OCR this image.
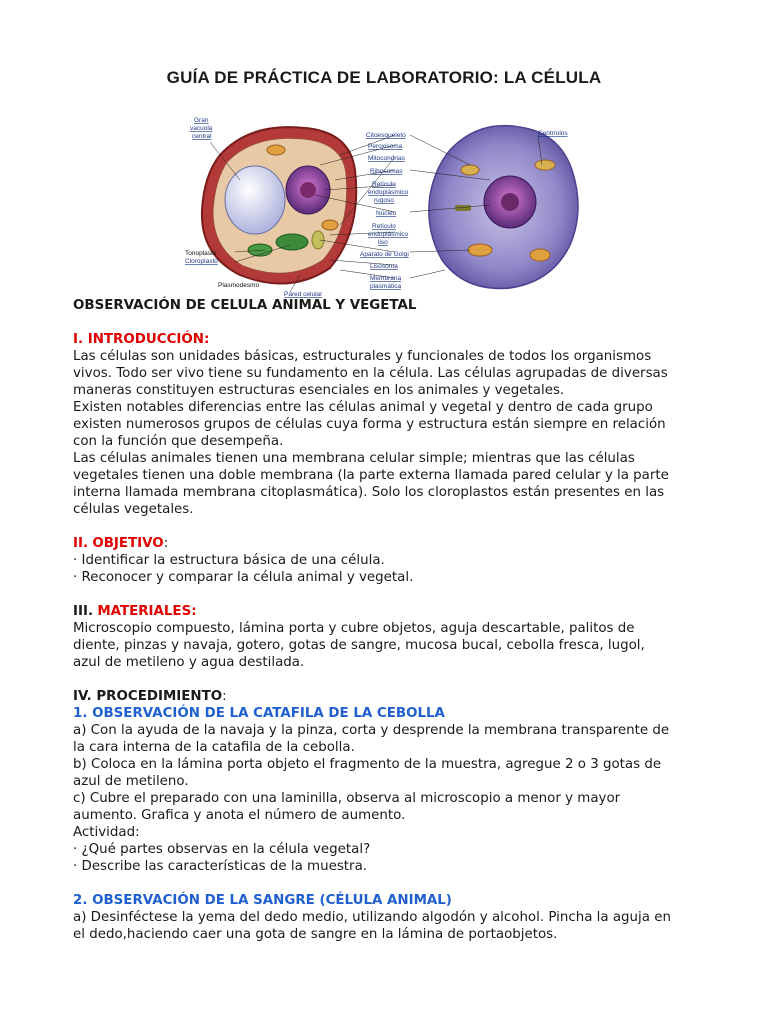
GUÍA DE PRÁCTICA DE LABORATORIO: LA CÉLULA
Gran
vacuola
central	Citoesqueleto
Peroxisoma
Mitocondrias
Ribosomas
Retículo
endoplásmico
rugoso
Núcleo
Retículo
endoplásmico
liso
Aparato de Golgi
Lisosoma
Membrana
plasmática
Centríolos
Tonoplasto
Cloroplasto
Plasmodesmo
Pared celular

OBSERVACIÓN DE CELULA ANIMAL Y VEGETAL

I. INTRODUCCIÓN:

Las células son unidades básicas, estructurales y funcionales de todos los organismos

vivos. Todo ser vivo tiene su fundamento en la célula. Las células agrupadas de diversas

maneras constituyen estructuras esenciales en los animales y vegetales.

Existen notables diferencias entre las células animal y vegetal y dentro de cada grupo

existen numerosos grupos de células cuya forma y estructura están siempre en relación

con la función que desempeña.

Las células animales tienen una membrana celular simple; mientras que las células

vegetales tienen una doble membrana (la parte externa llamada pared celular y la parte

interna llamada membrana citoplasmática). Solo los cloroplastos están presentes en las

células vegetales.

II. OBJETIVO:

· Identificar la estructura básica de una célula.

· Reconocer y comparar la célula animal y vegetal.

III. MATERIALES:

Microscopio compuesto, lámina porta y cubre objetos, aguja descartable, palitos de

diente, pinzas y navaja, gotero, gotas de sangre, mucosa bucal, cebolla fresca, lugol,

azul de metileno y agua destilada.

IV. PROCEDIMIENTO:

1. OBSERVACIÓN DE LA CATAFILA DE LA CEBOLLA

a) Con la ayuda de la navaja y la pinza, corta y desprende la membrana transparente de

la cara interna de la catafila de la cebolla.

b) Coloca en la lámina porta objeto el fragmento de la muestra, agregue 2 o 3 gotas de

azul de metileno.

c) Cubre el preparado con una laminilla, observa al microscopio a menor y mayor

aumento. Grafica y anota el número de aumento.

Actividad:

· ¿Qué partes observas en la célula vegetal?

· Describe las características de la muestra.

2. OBSERVACIÓN DE LA SANGRE (CÉLULA ANIMAL)

a) Desinféctese la yema del dedo medio, utilizando algodón y alcohol. Pincha la aguja en

el dedo,haciendo caer una gota de sangre en la lámina de portaobjetos.
